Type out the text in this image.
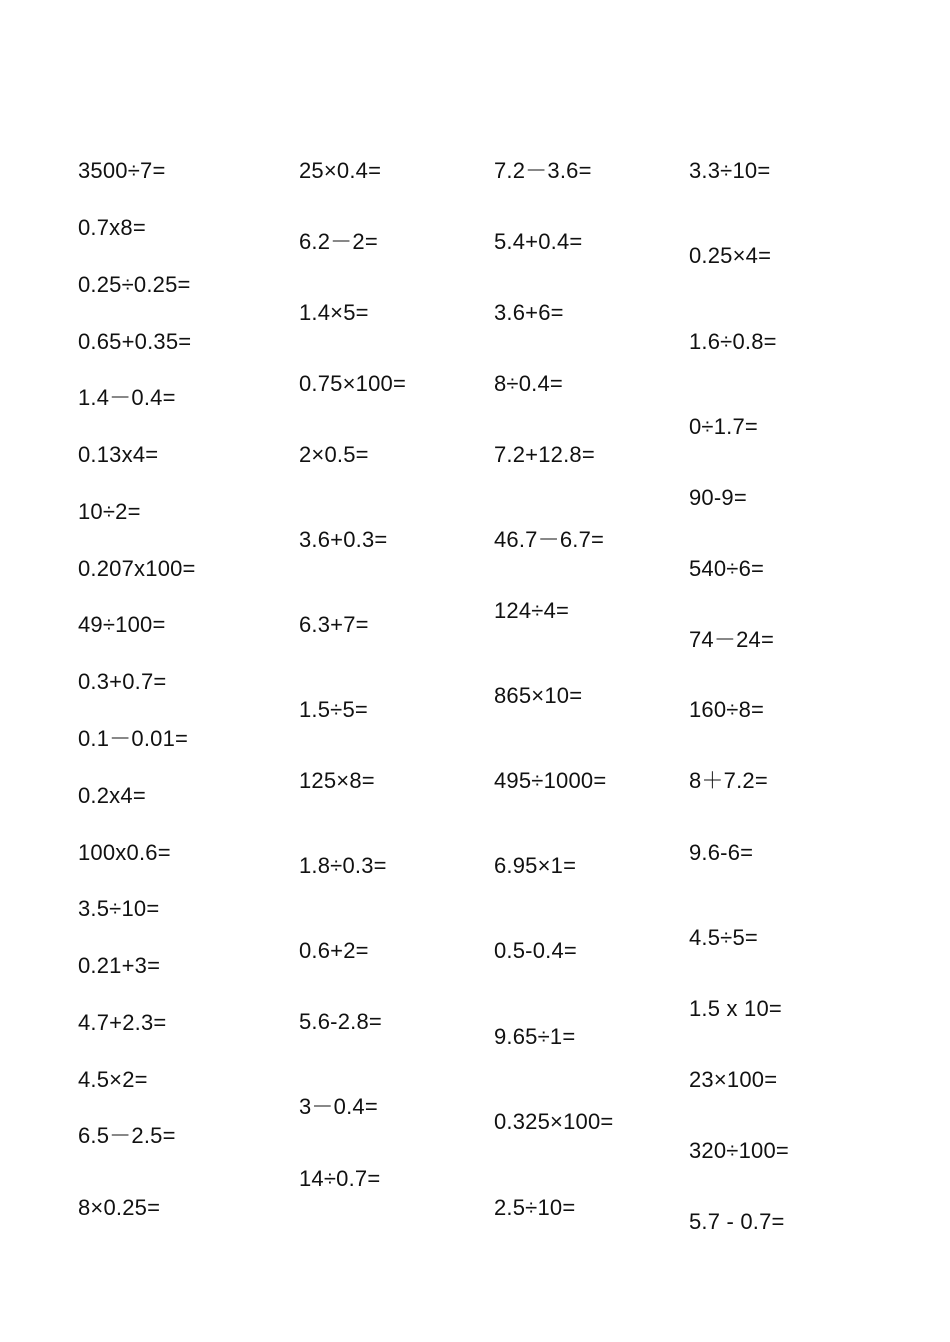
3500÷7=
0.7x8=
0.25÷0.25=
0.65+0.35=
1.4－0.4=
0.13x4=
10÷2=
0.207x100=
49÷100=
0.3+0.7=
0.1－0.01=
0.2x4=
100x0.6=
3.5÷10=
0.21+3=
4.7+2.3=
4.5×2=
6.5－2.5=
8×0.25=
25×0.4=
6.2－2=
1.4×5=
0.75×100=
2×0.5=
3.6+0.3=
6.3+7=
1.5÷5=
125×8=
1.8÷0.3=
0.6+2=
5.6-2.8=
3－0.4=
14÷0.7=
7.2－3.6=
5.4+0.4=
3.6+6=
8÷0.4=
7.2+12.8=
46.7－6.7=
124÷4=
865×10=
495÷1000=
6.95×1=
0.5-0.4=
9.65÷1=
0.325×100=
2.5÷10=
3.3÷10=
0.25×4=
1.6÷0.8=
0÷1.7=
90-9=
540÷6=
74－24=
160÷8=
8＋7.2=
9.6-6=
4.5÷5=
1.5 x 10=
23×100=
320÷100=
5.7 - 0.7=
